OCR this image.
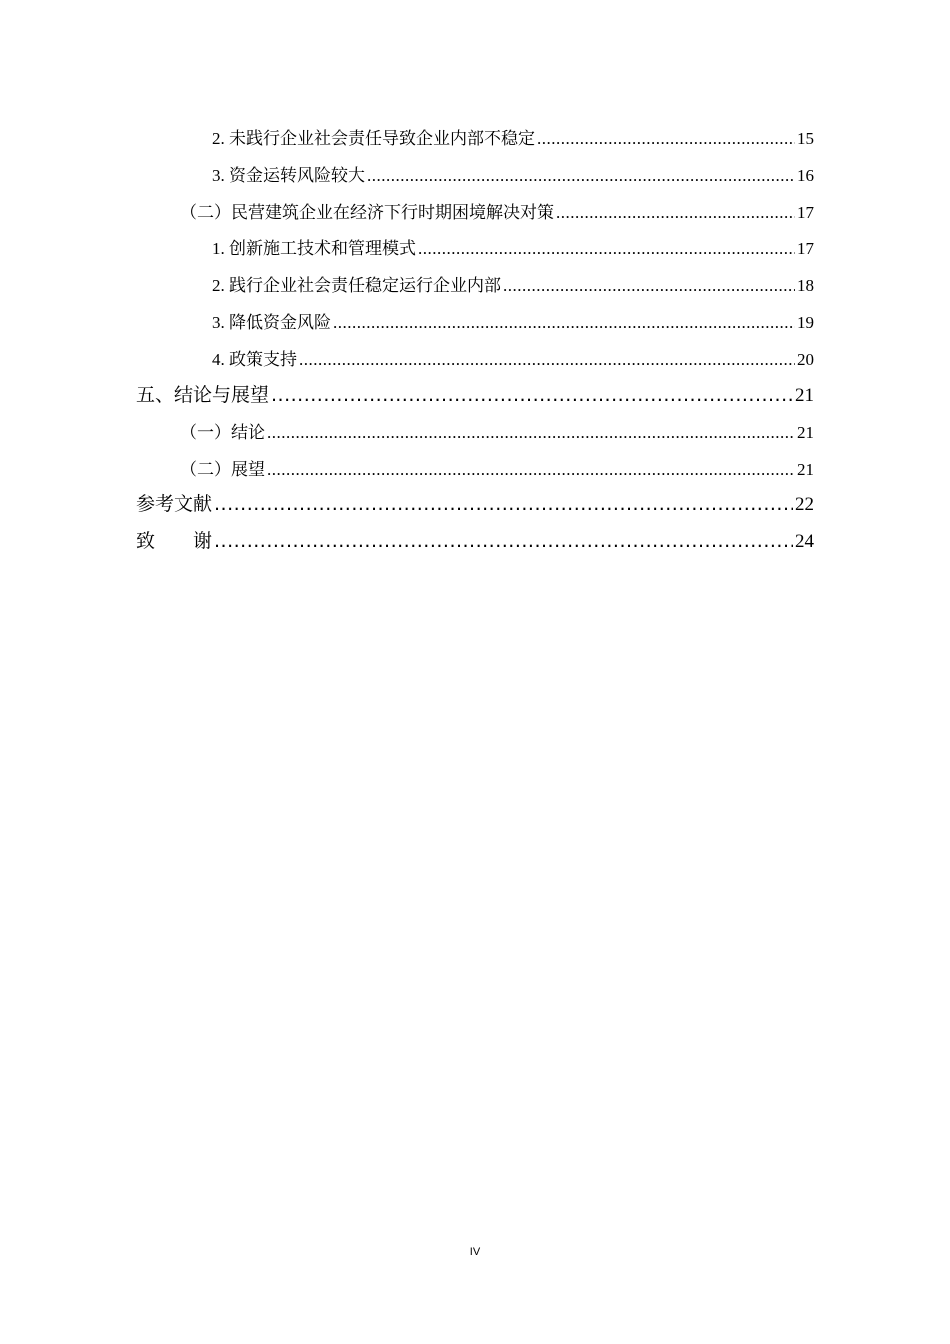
2. 未践行企业社会责任导致企业内部不稳定 .....	15
3. 资金运转风险较大 .....	16
（二）民营建筑企业在经济下行时期困境解决对策 .....	17
1. 创新施工技术和管理模式 .....	17
2. 践行企业社会责任稳定运行企业内部 .....	18
3. 降低资金风险 .....	19
4. 政策支持 .....	20
五、结论与展望 .....	21
（一）结论 .....	21
（二）展望 .....	21
参考文献 .....	22
致　　谢 .....	24
IV
